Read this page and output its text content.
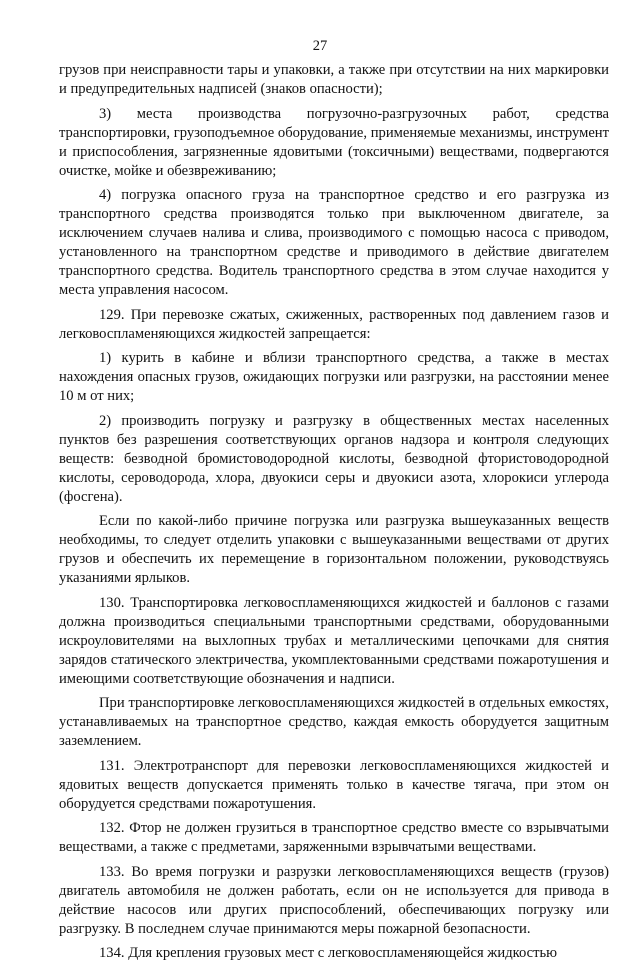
27

грузов при неисправности тары и упаковки, а также при отсутствии на них маркировки и предупредительных надписей (знаков опасности);

3) места производства погрузочно-разгрузочных работ, средства транспортировки, грузоподъемное оборудование, применяемые механизмы, инструмент и приспособления, загрязненные ядовитыми (токсичными) веществами, подвергаются очистке, мойке и обезвреживанию;

4) погрузка опасного груза на транспортное средство и его разгрузка из транспортного средства производятся только при выключенном двигателе, за исключением случаев налива и слива, производимого с помощью насоса с приводом, установленного на транспортном средстве и приводимого в действие двигателем транспортного средства. Водитель транспортного средства в этом случае находится у места управления насосом.

129. При перевозке сжатых, сжиженных, растворенных под давлением газов и легковоспламеняющихся жидкостей запрещается:

1) курить в кабине и вблизи транспортного средства, а также в местах нахождения опасных грузов, ожидающих погрузки или разгрузки, на расстоянии менее 10 м от них;

2) производить погрузку и разгрузку в общественных местах населенных пунктов без разрешения соответствующих органов надзора и контроля следующих веществ: безводной бромистоводородной кислоты, безводной фтористоводородной кислоты, сероводорода, хлора, двуокиси серы и двуокиси азота, хлорокиси углерода (фосгена).

Если по какой-либо причине погрузка или разгрузка вышеуказанных веществ необходимы, то следует отделить упаковки с вышеуказанными веществами от других грузов и обеспечить их перемещение в горизонтальном положении, руководствуясь указаниями ярлыков.

130. Транспортировка легковоспламеняющихся жидкостей и баллонов с газами должна производиться специальными транспортными средствами, оборудованными искроуловителями на выхлопных трубах и металлическими цепочками для снятия зарядов статического электричества, укомплектованными средствами пожаротушения и имеющими соответствующие обозначения и надписи.

При транспортировке легковоспламеняющихся жидкостей в отдельных емкостях, устанавливаемых на транспортное средство, каждая емкость оборудуется защитным заземлением.

131. Электротранспорт для перевозки легковоспламеняющихся жидкостей и ядовитых веществ допускается применять только в качестве тягача, при этом он оборудуется средствами пожаротушения.

132. Фтор не должен грузиться в транспортное средство вместе со взрывчатыми веществами, а также с предметами, заряженными взрывчатыми веществами.

133. Во время погрузки и разрузки легковоспламеняющихся веществ (грузов) двигатель автомобиля не должен работать, если он не используется для привода в действие насосов или других приспособлений, обеспечивающих погрузку или разгрузку. В последнем случае принимаются меры пожарной безопасности.

134. Для крепления грузовых мест с легковоспламеняющейся жидкостью
